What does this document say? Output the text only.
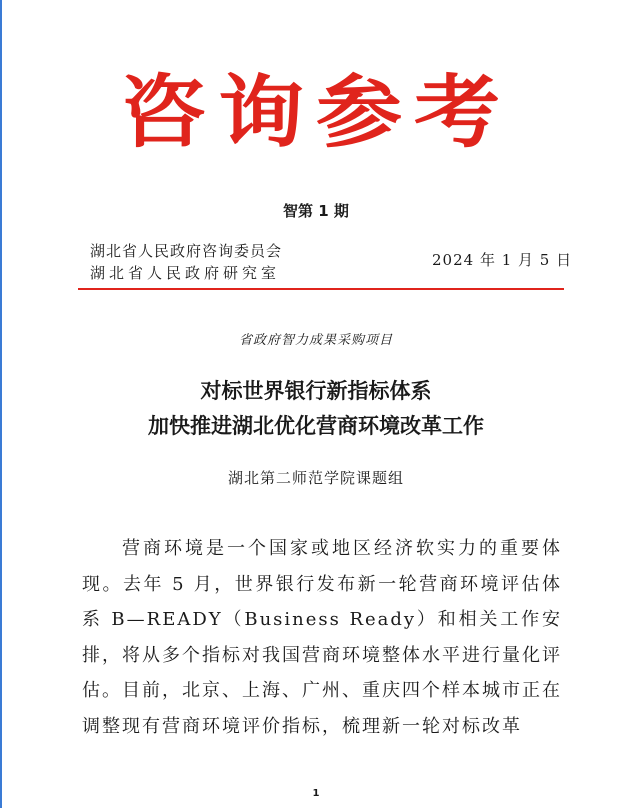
咨询参考
智第 1 期
湖北省人民政府咨询委员会
湖北省人民政府研究室
2024 年 1 月 5 日
省政府智力成果采购项目
对标世界银行新指标体系
加快推进湖北优化营商环境改革工作
湖北第二师范学院课题组

营商环境是一个国家或地区经济软实力的重要体现。去年 5 月，世界银行发布新一轮营商环境评估体系 B—READY（Business Ready）和相关工作安排，将从多个指标对我国营商环境整体水平进行量化评估。目前，北京、上海、广州、重庆四个样本城市正在调整现有营商环境评价指标，梳理新一轮对标改革

1
